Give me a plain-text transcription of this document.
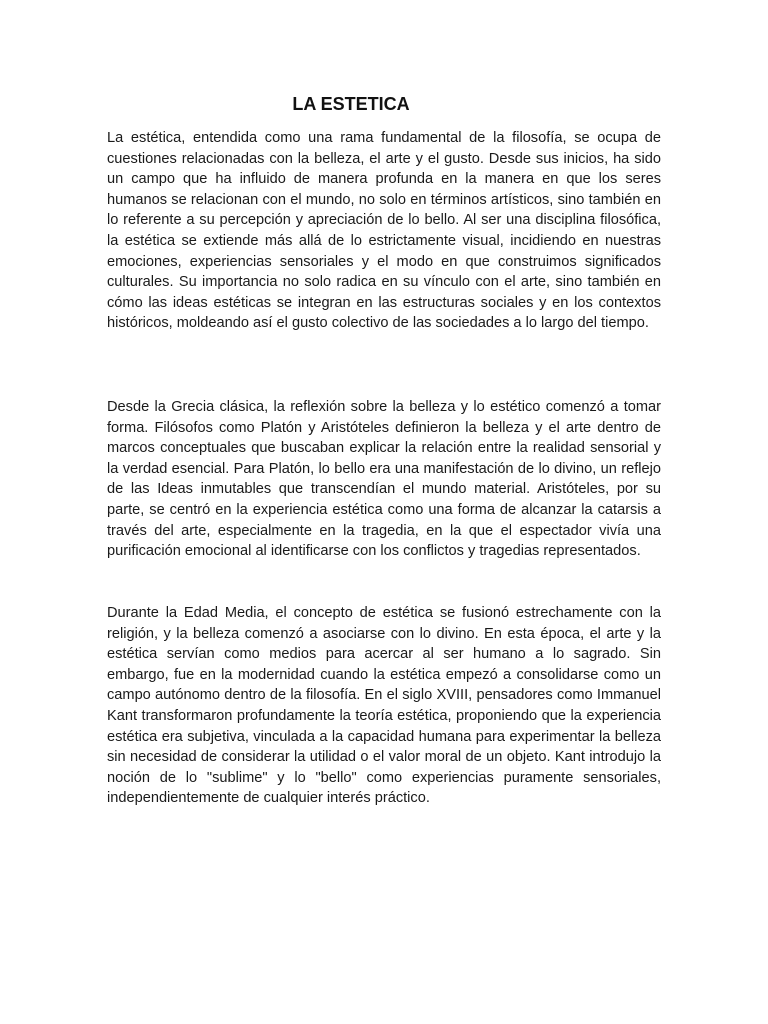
LA ESTETICA

La estética, entendida como una rama fundamental de la filosofía, se ocupa de cuestiones relacionadas con la belleza, el arte y el gusto. Desde sus inicios, ha sido un campo que ha influido de manera profunda en la manera en que los seres humanos se relacionan con el mundo, no solo en términos artísticos, sino también en lo referente a su percepción y apreciación de lo bello. Al ser una disciplina filosófica, la estética se extiende más allá de lo estrictamente visual, incidiendo en nuestras emociones, experiencias sensoriales y el modo en que construimos significados culturales. Su importancia no solo radica en su vínculo con el arte, sino también en cómo las ideas estéticas se integran en las estructuras sociales y en los contextos históricos, moldeando así el gusto colectivo de las sociedades a lo largo del tiempo.

Desde la Grecia clásica, la reflexión sobre la belleza y lo estético comenzó a tomar forma. Filósofos como Platón y Aristóteles definieron la belleza y el arte dentro de marcos conceptuales que buscaban explicar la relación entre la realidad sensorial y la verdad esencial. Para Platón, lo bello era una manifestación de lo divino, un reflejo de las Ideas inmutables que transcendían el mundo material. Aristóteles, por su parte, se centró en la experiencia estética como una forma de alcanzar la catarsis a través del arte, especialmente en la tragedia, en la que el espectador vivía una purificación emocional al identificarse con los conflictos y tragedias representados.

Durante la Edad Media, el concepto de estética se fusionó estrechamente con la religión, y la belleza comenzó a asociarse con lo divino. En esta época, el arte y la estética servían como medios para acercar al ser humano a lo sagrado. Sin embargo, fue en la modernidad cuando la estética empezó a consolidarse como un campo autónomo dentro de la filosofía. En el siglo XVIII, pensadores como Immanuel Kant transformaron profundamente la teoría estética, proponiendo que la experiencia estética era subjetiva, vinculada a la capacidad humana para experimentar la belleza sin necesidad de considerar la utilidad o el valor moral de un objeto. Kant introdujo la noción de lo "sublime" y lo "bello" como experiencias puramente sensoriales, independientemente de cualquier interés práctico.
